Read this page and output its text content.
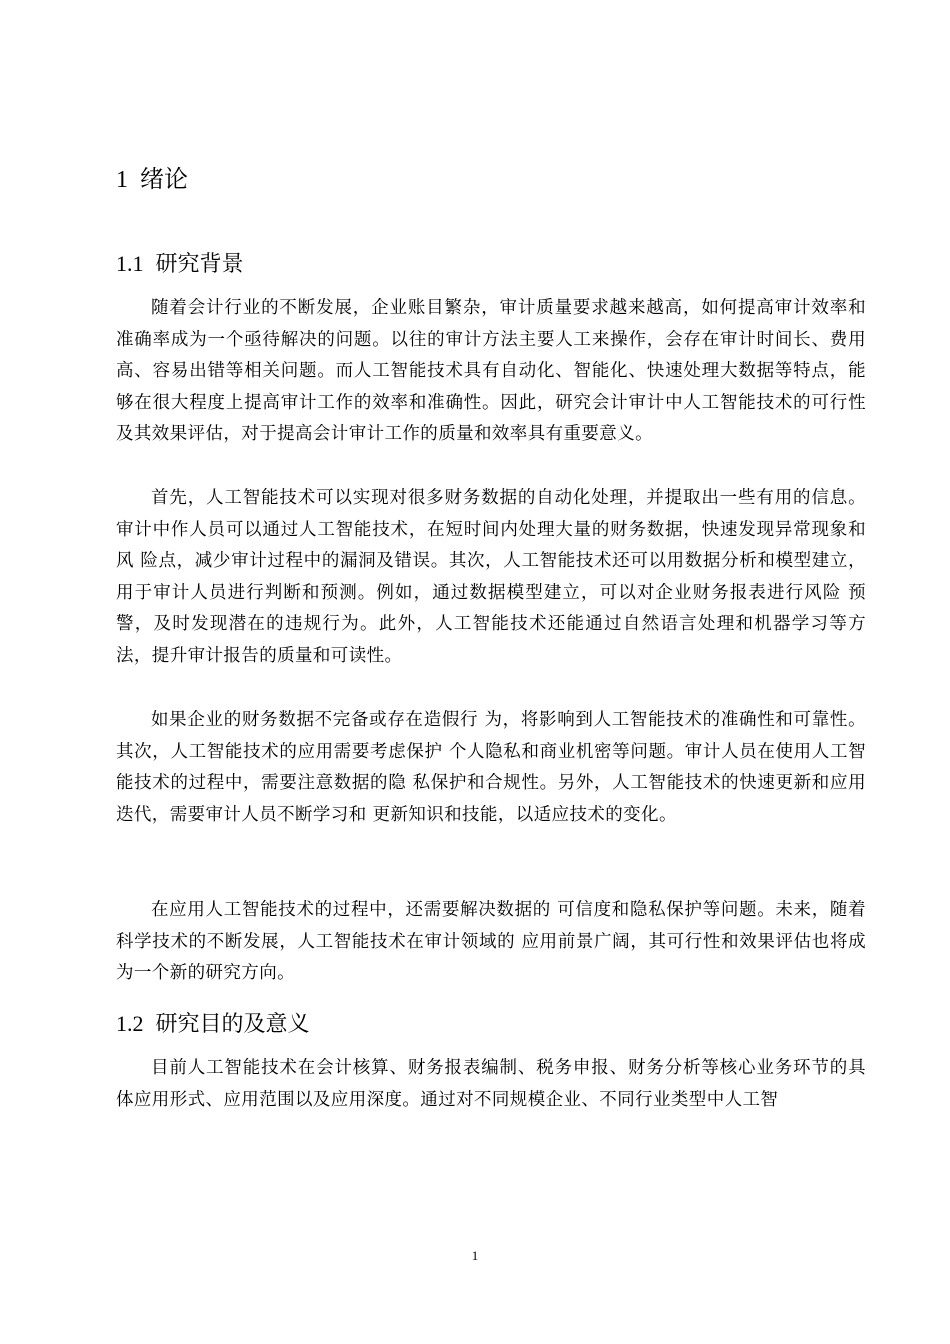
1 绪论
1.1 研究背景

随着会计行业的不断发展，企业账目繁杂，审计质量要求越来越高，如何提高审计效率和准确率成为一个亟待解决的问题。以往的审计方法主要人工来操作，会存在审计时间长、费用高、容易出错等相关问题。而人工智能技术具有自动化、智能化、快速处理大数据等特点，能够在很大程度上提高审计工作的效率和准确性。因此，研究会计审计中人工智能技术的可行性及其效果评估，对于提高会计审计工作的质量和效率具有重要意义。

首先，人工智能技术可以实现对很多财务数据的自动化处理，并提取出一些有用的信息。审计中作人员可以通过人工智能技术，在短时间内处理大量的财务数据，快速发现异常现象和风 险点，减少审计过程中的漏洞及错误。其次，人工智能技术还可以用数据分析和模型建立， 用于审计人员进行判断和预测。例如，通过数据模型建立，可以对企业财务报表进行风险 预警，及时发现潜在的违规行为。此外，人工智能技术还能通过自然语言处理和机器学习等方法，提升审计报告的质量和可读性。

如果企业的财务数据不完备或存在造假行 为，将影响到人工智能技术的准确性和可靠性。其次，人工智能技术的应用需要考虑保护 个人隐私和商业机密等问题。审计人员在使用人工智能技术的过程中，需要注意数据的隐 私保护和合规性。另外，人工智能技术的快速更新和应用迭代，需要审计人员不断学习和 更新知识和技能，以适应技术的变化。

在应用人工智能技术的过程中，还需要解决数据的 可信度和隐私保护等问题。未来，随着科学技术的不断发展，人工智能技术在审计领域的 应用前景广阔，其可行性和效果评估也将成为一个新的研究方向。

1.2 研究目的及意义

目前人工智能技术在会计核算、财务报表编制、税务申报、财务分析等核心业务环节的具体应用形式、应用范围以及应用深度。通过对不同规模企业、不同行业类型中人工智

1
